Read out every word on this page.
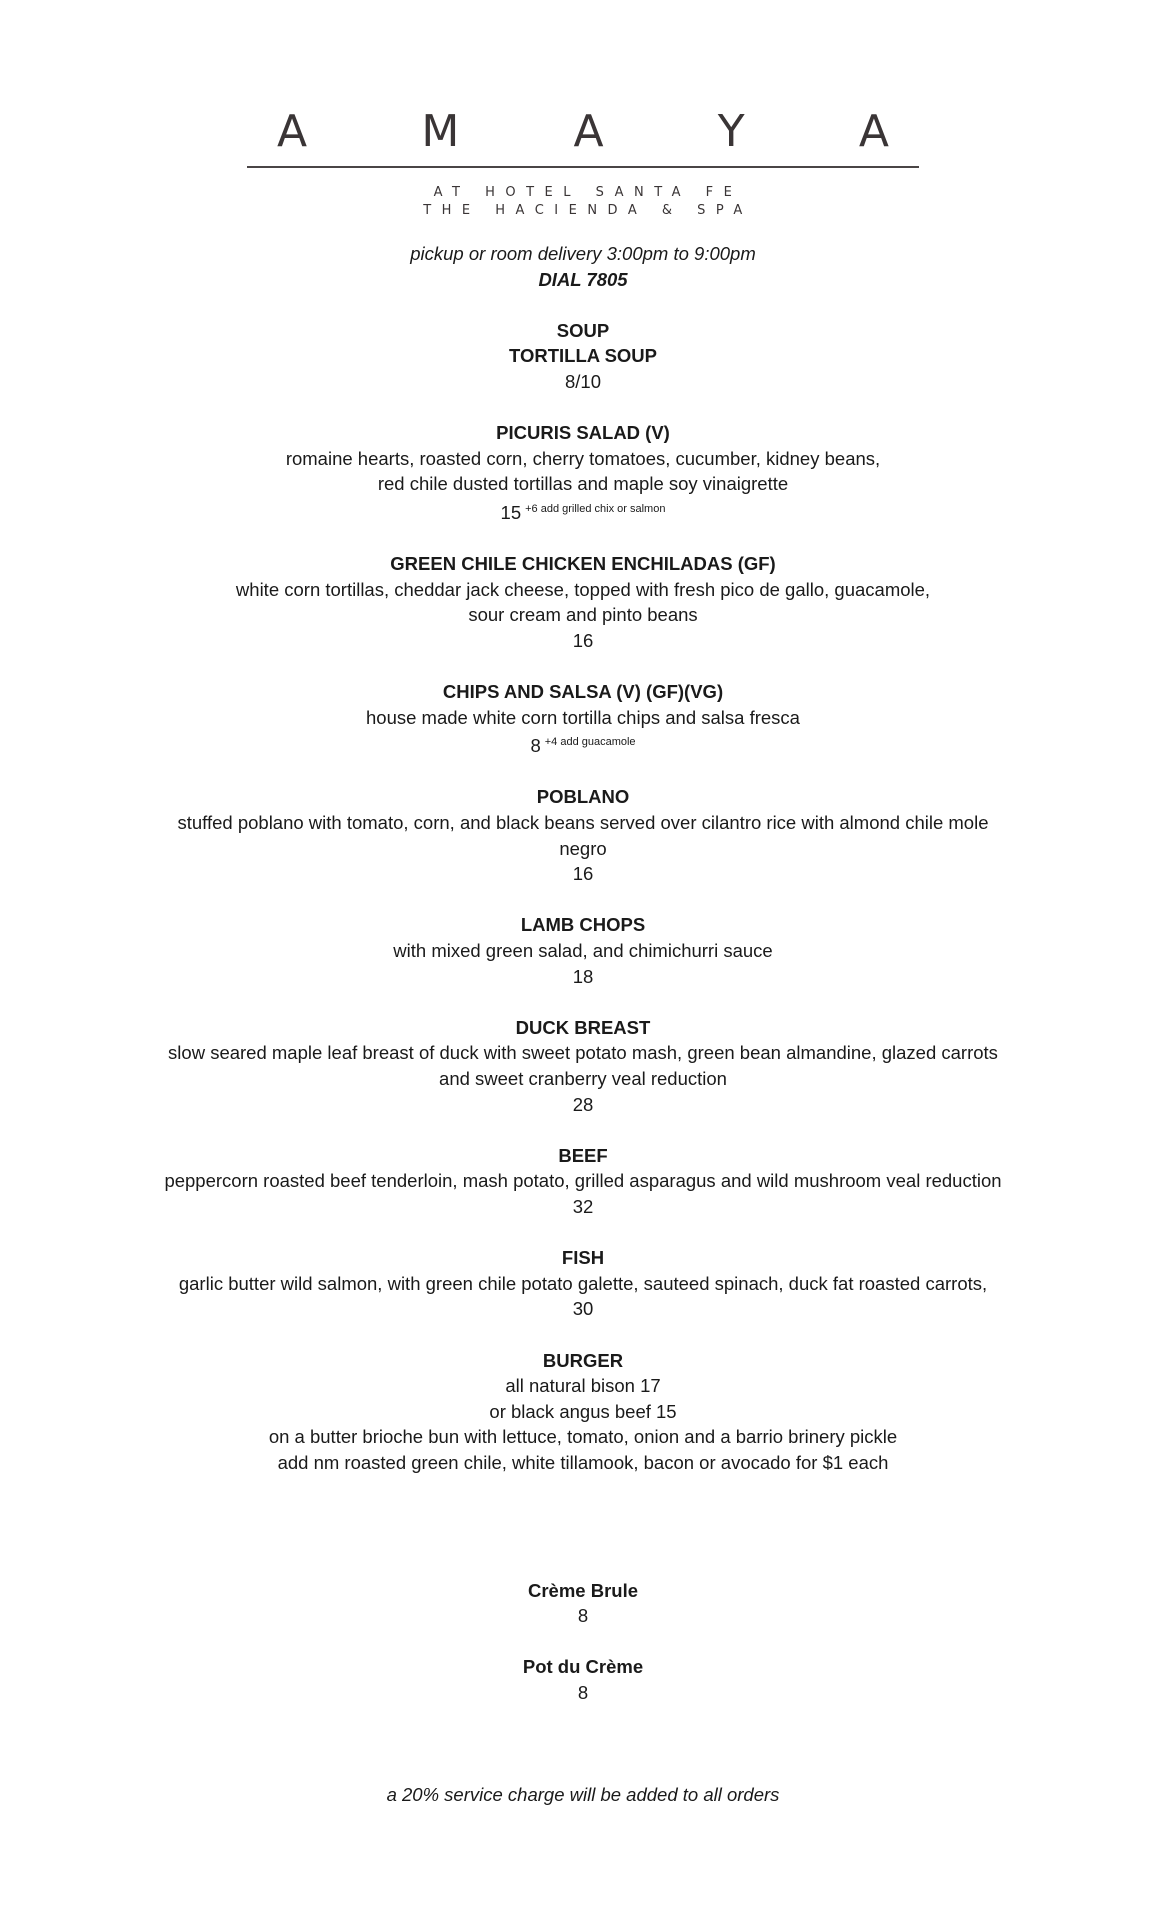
A	M	A	Y	A
AT HOTEL SANTA FE
THE HACIENDA & SPA
pickup or room delivery 3:00pm to 9:00pm
DIAL 7805
SOUP
TORTILLA SOUP
8/10
PICURIS SALAD (V)
romaine hearts, roasted corn, cherry tomatoes, cucumber, kidney beans,
red chile dusted tortillas and maple soy vinaigrette
15 $^{+6 add grilled chix or salmon}$
GREEN CHILE CHICKEN ENCHILADAS (GF)
white corn tortillas, cheddar jack cheese, topped with fresh pico de gallo, guacamole,
sour cream and pinto beans
16
CHIPS AND SALSA (V) (GF)(VG)
house made white corn tortilla chips and salsa fresca
8 $^{+4 add guacamole}$
POBLANO
stuffed poblano with tomato, corn, and black beans served over cilantro rice with almond chile mole
negro
16
LAMB CHOPS
with mixed green salad, and chimichurri sauce
18
DUCK BREAST
slow seared maple leaf breast of duck with sweet potato mash, green bean almandine, glazed carrots
and sweet cranberry veal reduction
28
BEEF
peppercorn roasted beef tenderloin, mash potato, grilled asparagus and wild mushroom veal reduction
32
FISH
garlic butter wild salmon, with green chile potato galette, sauteed spinach, duck fat roasted carrots,
30
BURGER
all natural bison 17
or black angus beef 15
on a butter brioche bun with lettuce, tomato, onion and a barrio brinery pickle
add nm roasted green chile, white tillamook, bacon or avocado for $1 each
Crème Brule
8
Pot du Crème
8
a 20% service charge will be added to all orders
